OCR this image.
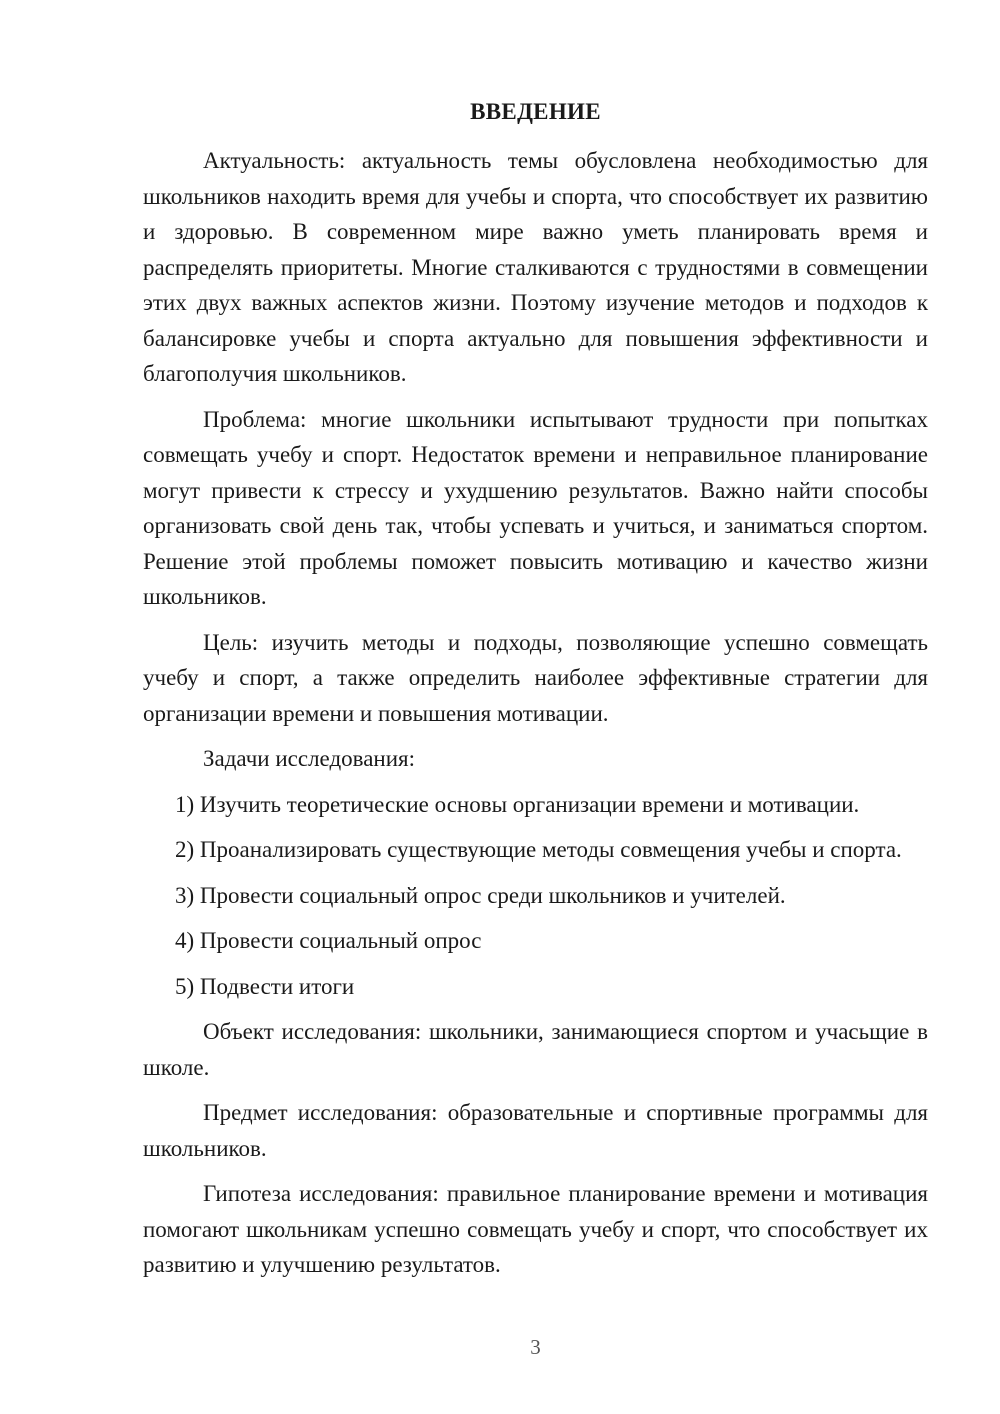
ВВЕДЕНИЕ

Актуальность: актуальность темы обусловлена необходимостью для школьников находить время для учебы и спорта, что способствует их развитию и здоровью. В современном мире важно уметь планировать время и распределять приоритеты. Многие сталкиваются с трудностями в совмещении этих двух важных аспектов жизни. Поэтому изучение методов и подходов к балансировке учебы и спорта актуально для повышения эффективности и благополучия школьников.

Проблема: многие школьники испытывают трудности при попытках совмещать учебу и спорт. Недостаток времени и неправильное планирование могут привести к стрессу и ухудшению результатов. Важно найти способы организовать свой день так, чтобы успевать и учиться, и заниматься спортом. Решение этой проблемы поможет повысить мотивацию и качество жизни школьников.

Цель: изучить методы и подходы, позволяющие успешно совмещать учебу и спорт, а также определить наиболее эффективные стратегии для организации времени и повышения мотивации.

Задачи исследования:

1) Изучить теоретические основы организации времени и мотивации.

2) Проанализировать существующие методы совмещения учебы и спорта.

3) Провести социальный опрос среди школьников и учителей.

4) Провести социальный опрос

5) Подвести итоги

Объект исследования: школьники, занимающиеся спортом и учасьщие в школе.

Предмет исследования: образовательные и спортивные программы для школьников.

Гипотеза исследования: правильное планирование времени и мотивация помогают школьникам успешно совмещать учебу и спорт, что способствует их развитию и улучшению результатов.

3
